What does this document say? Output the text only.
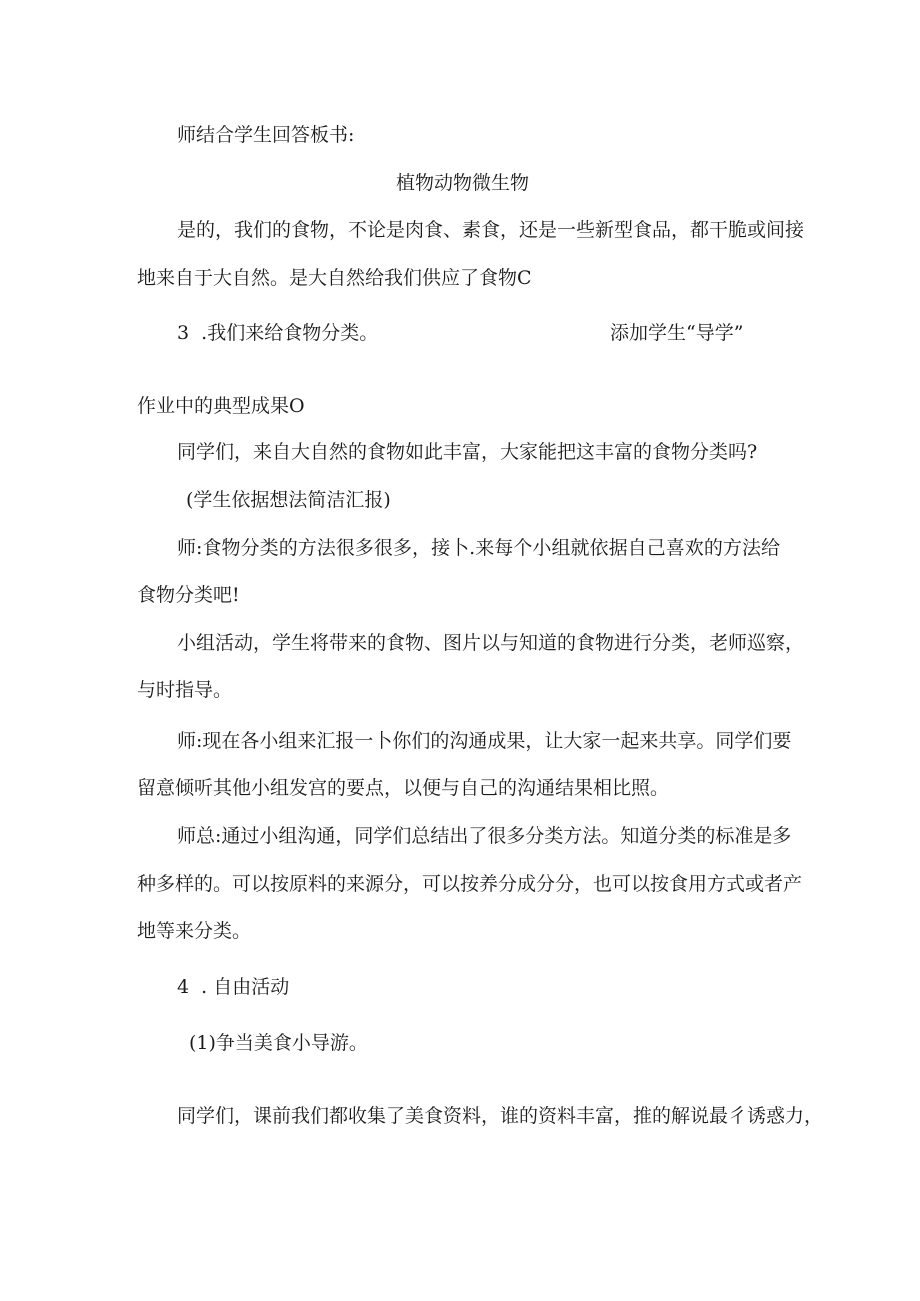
师结合学生回答板书:
植物动物微生物
是的，我们的食物，不论是肉食、素食，还是一些新型食品，都干脆或间接
地来自于大自然。是大自然给我们供应了食物C
3  .我们来给食物分类。	添加学生“导学”
作业中的典型成果O
同学们，来自大自然的食物如此丰富，大家能把这丰富的食物分类吗?
(学生依据想法简洁汇报)
师:食物分类的方法很多很多，接卜.来每个小组就依据自己喜欢的方法给
食物分类吧!
小组活动，学生将带来的食物、图片以与知道的食物进行分类，老师巡察，
与时指导。
师:现在各小组来汇报一卜你们的沟通成果，让大家一起来共享。同学们要
留意倾听其他小组发宫的要点，以便与自己的沟通结果相比照。
师总:通过小组沟通，同学们总结出了很多分类方法。知道分类的标准是多
种多样的。可以按原料的来源分，可以按养分成分分，也可以按食用方式或者产
地等来分类。
4  . 自由活动
(1)争当美食小导游。
同学们，课前我们都收集了美食资料，谁的资料丰富，推的解说最彳诱惑力，
